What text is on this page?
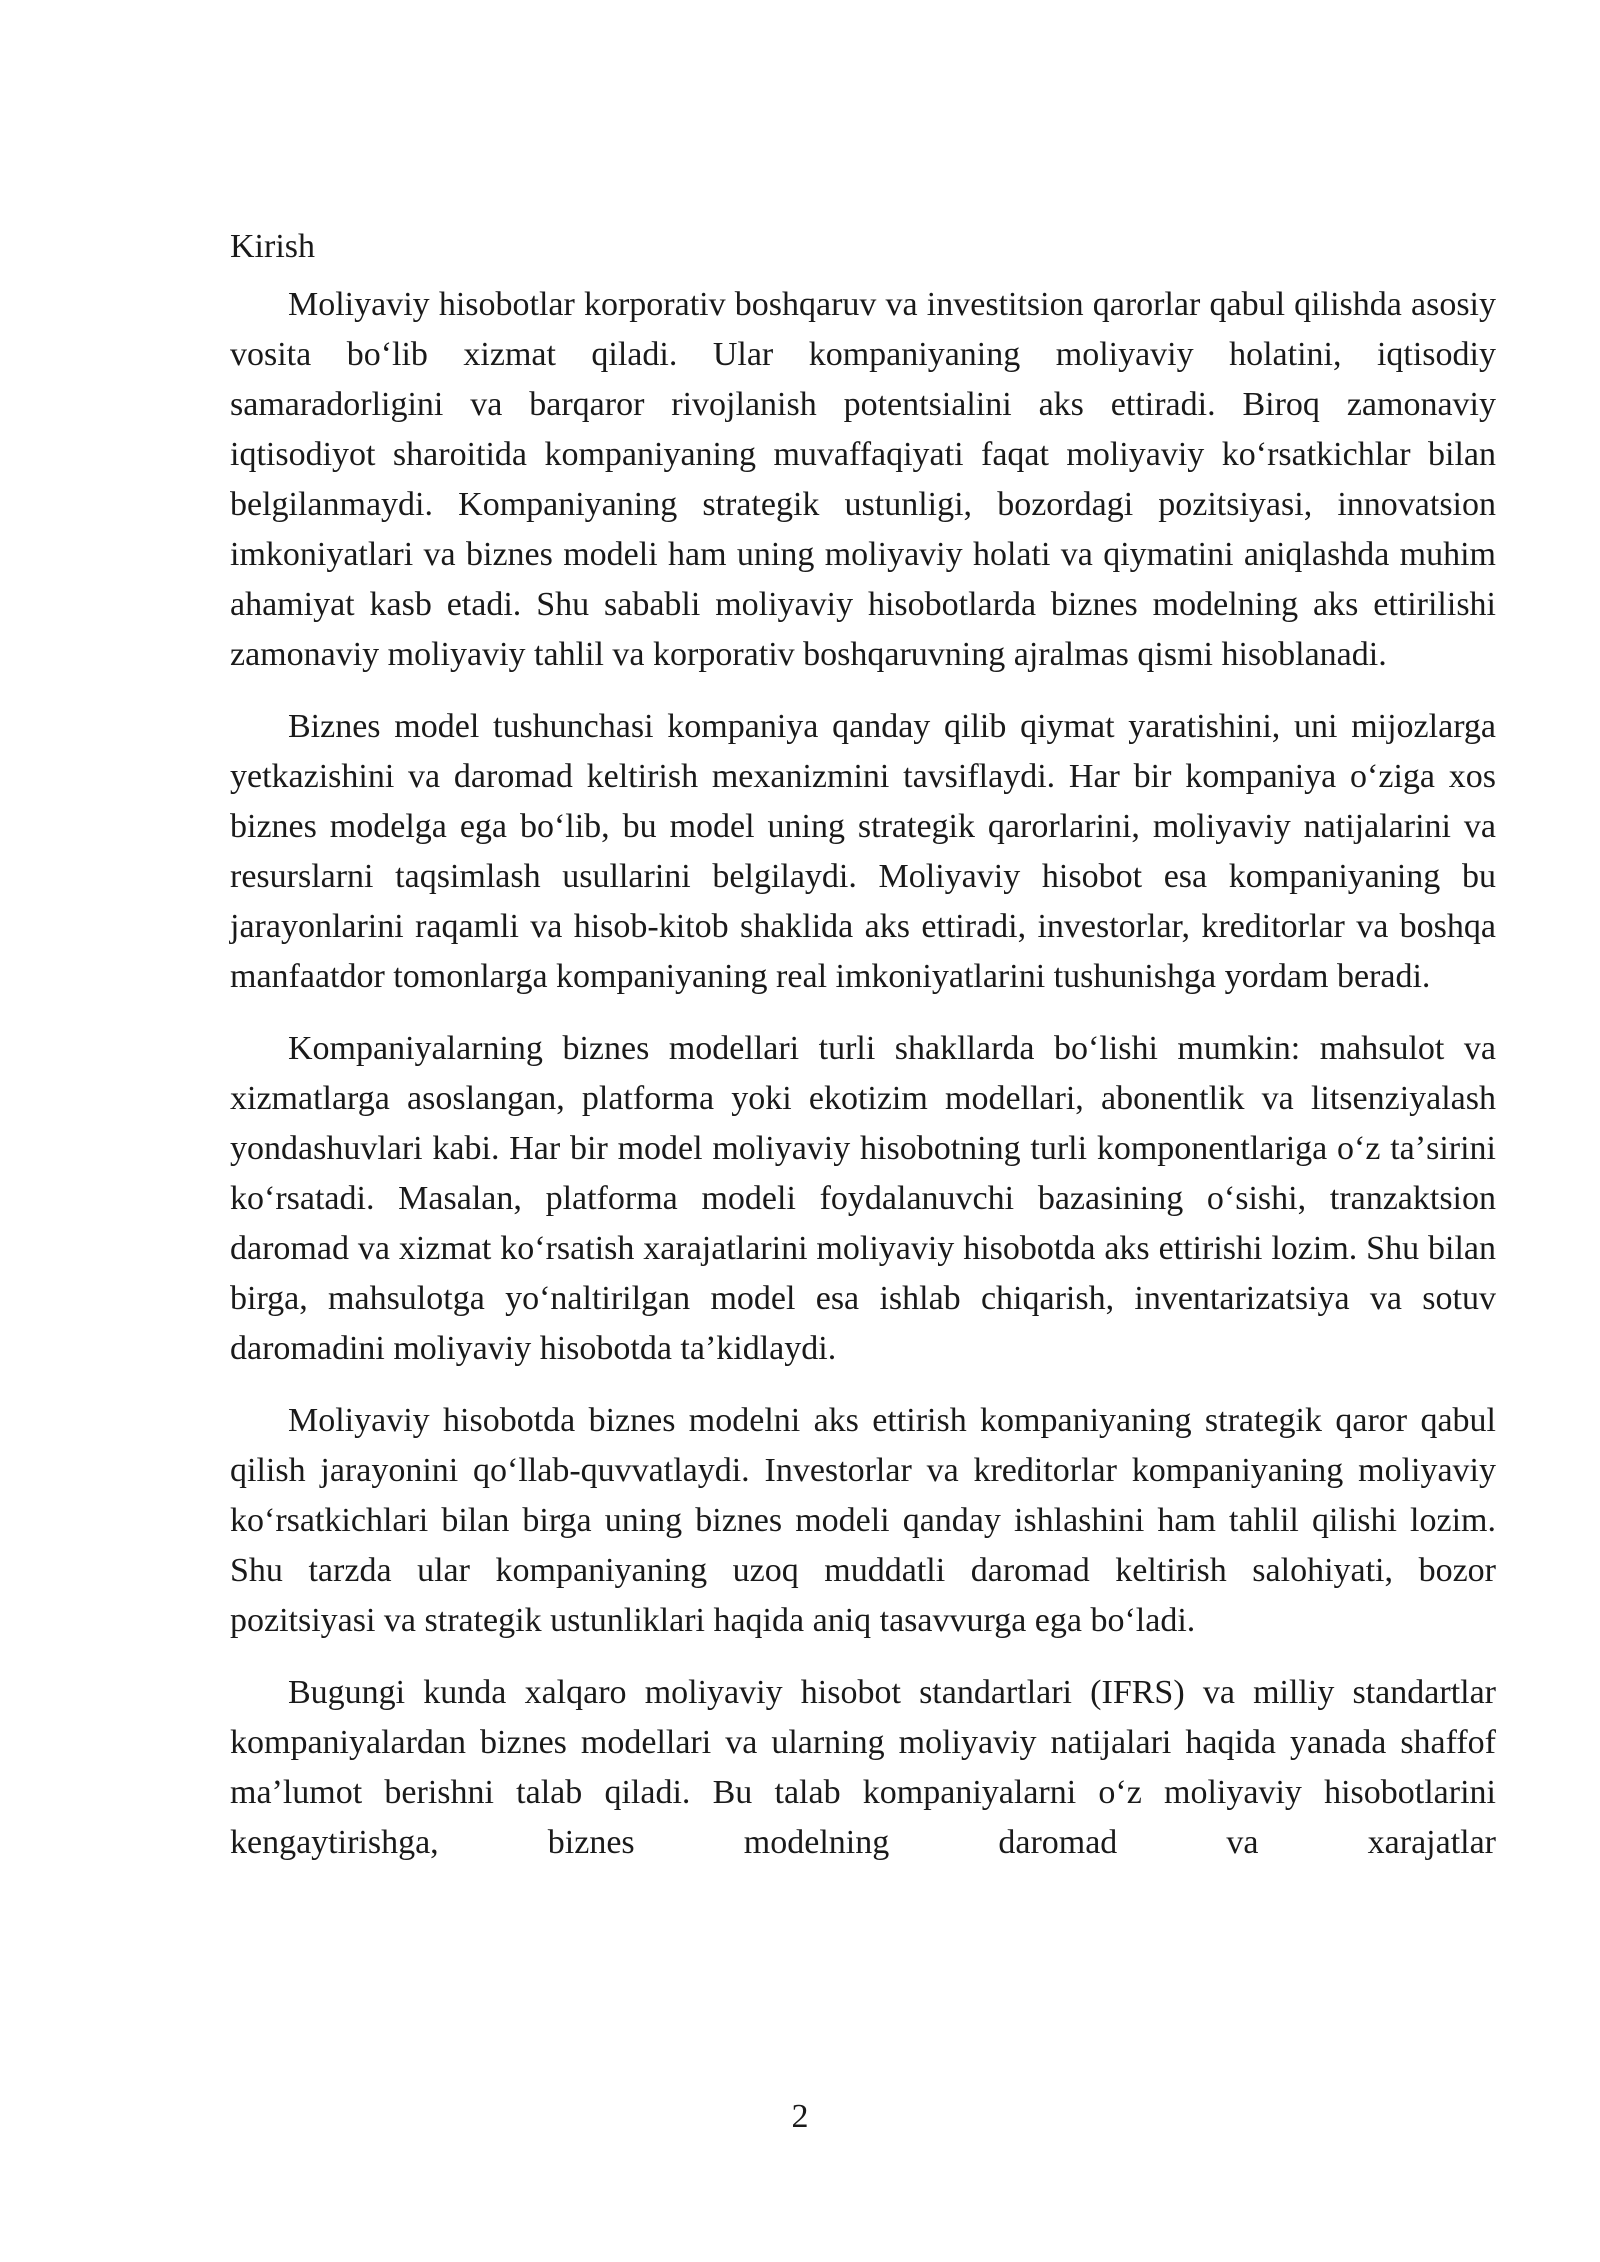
Kirish

Moliyaviy hisobotlar korporativ boshqaruv va investitsion qarorlar qabul qilishda asosiy vosita boʻlib xizmat qiladi. Ular kompaniyaning moliyaviy holatini, iqtisodiy samaradorligini va barqaror rivojlanish potentsialini aks ettiradi. Biroq zamonaviy iqtisodiyot sharoitida kompaniyaning muvaffaqiyati faqat moliyaviy koʻrsatkichlar bilan belgilanmaydi. Kompaniyaning strategik ustunligi, bozordagi pozitsiyasi, innovatsion imkoniyatlari va biznes modeli ham uning moliyaviy holati va qiymatini aniqlashda muhim ahamiyat kasb etadi. Shu sababli moliyaviy hisobotlarda biznes modelning aks ettirilishi zamonaviy moliyaviy tahlil va korporativ boshqaruvning ajralmas qismi hisoblanadi.

Biznes model tushunchasi kompaniya qanday qilib qiymat yaratishini, uni mijozlarga yetkazishini va daromad keltirish mexanizmini tavsiflaydi. Har bir kompaniya oʻziga xos biznes modelga ega boʻlib, bu model uning strategik qarorlarini, moliyaviy natijalarini va resurslarni taqsimlash usullarini belgilaydi. Moliyaviy hisobot esa kompaniyaning bu jarayonlarini raqamli va hisob-kitob shaklida aks ettiradi, investorlar, kreditorlar va boshqa manfaatdor tomonlarga kompaniyaning real imkoniyatlarini tushunishga yordam beradi.

Kompaniyalarning biznes modellari turli shakllarda boʻlishi mumkin: mahsulot va xizmatlarga asoslangan, platforma yoki ekotizim modellari, abonentlik va litsenziyalash yondashuvlari kabi. Har bir model moliyaviy hisobotning turli komponentlariga oʻz taʼsirini koʻrsatadi. Masalan, platforma modeli foydalanuvchi bazasining oʻsishi, tranzaktsion daromad va xizmat koʻrsatish xarajatlarini moliyaviy hisobotda aks ettirishi lozim. Shu bilan birga, mahsulotga yoʻnaltirilgan model esa ishlab chiqarish, inventarizatsiya va sotuv daromadini moliyaviy hisobotda taʼkidlaydi.

Moliyaviy hisobotda biznes modelni aks ettirish kompaniyaning strategik qaror qabul qilish jarayonini qoʻllab-quvvatlaydi. Investorlar va kreditorlar kompaniyaning moliyaviy koʻrsatkichlari bilan birga uning biznes modeli qanday ishlashini ham tahlil qilishi lozim. Shu tarzda ular kompaniyaning uzoq muddatli daromad keltirish salohiyati, bozor pozitsiyasi va strategik ustunliklari haqida aniq tasavvurga ega boʻladi.

Bugungi kunda xalqaro moliyaviy hisobot standartlari (IFRS) va milliy standartlar kompaniyalardan biznes modellari va ularning moliyaviy natijalari haqida yanada shaffof maʼlumot berishni talab qiladi. Bu talab kompaniyalarni oʻz moliyaviy hisobotlarini kengaytirishga, biznes modelning daromad va xarajatlar

2
